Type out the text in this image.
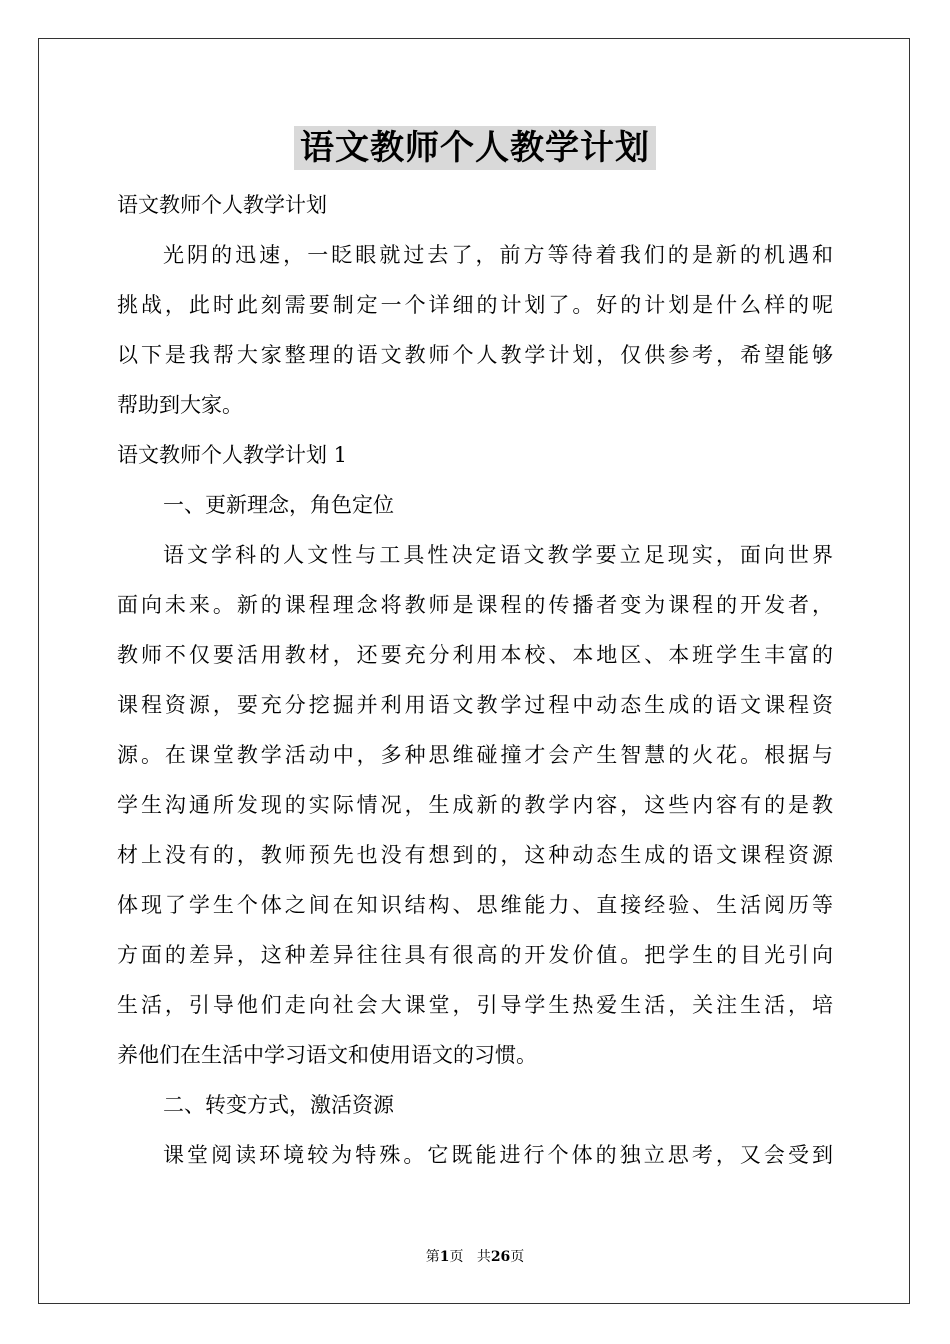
语文教师个人教学计划
语文教师个人教学计划
光阴的迅速，一眨眼就过去了，前方等待着我们的是新的机遇和
挑战，此时此刻需要制定一个详细的计划了。好的计划是什么样的呢
以下是我帮大家整理的语文教师个人教学计划，仅供参考，希望能够
帮助到大家。
语文教师个人教学计划 1
一、更新理念，角色定位
语文学科的人文性与工具性决定语文教学要立足现实，面向世界
面向未来。新的课程理念将教师是课程的传播者变为课程的开发者，
教师不仅要活用教材，还要充分利用本校、本地区、本班学生丰富的
课程资源，要充分挖掘并利用语文教学过程中动态生成的语文课程资
源。在课堂教学活动中，多种思维碰撞才会产生智慧的火花。根据与
学生沟通所发现的实际情况，生成新的教学内容，这些内容有的是教
材上没有的，教师预先也没有想到的，这种动态生成的语文课程资源
体现了学生个体之间在知识结构、思维能力、直接经验、生活阅历等
方面的差异，这种差异往往具有很高的开发价值。把学生的目光引向
生活，引导他们走向社会大课堂，引导学生热爱生活，关注生活，培
养他们在生活中学习语文和使用语文的习惯。
二、转变方式，激活资源
课堂阅读环境较为特殊。它既能进行个体的独立思考，又会受到
第1页 共26页
